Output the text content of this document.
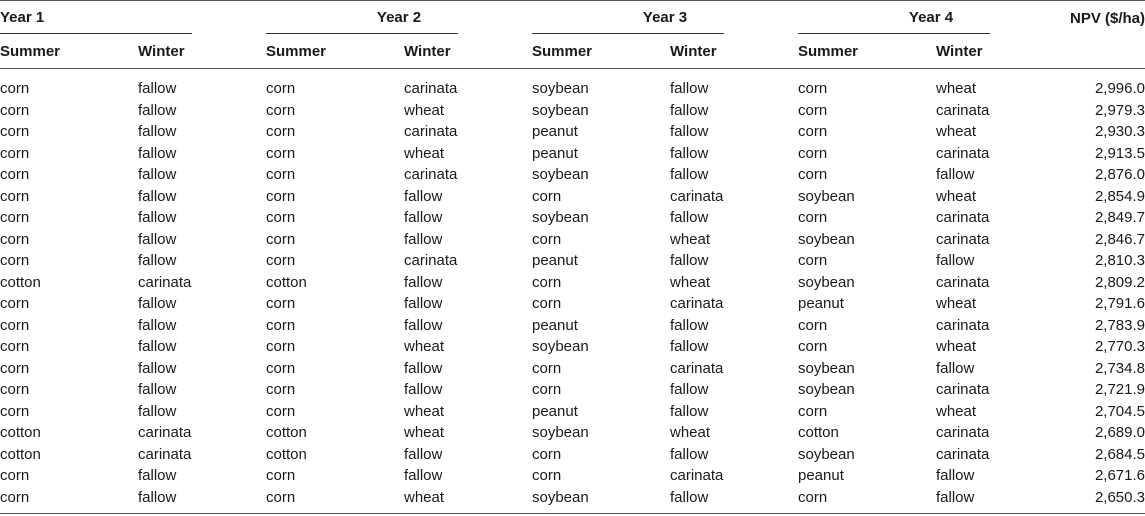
Year 1		Year 2		Year 3		Year 4		NPV ($/ha)
Summer	Winter	Summer	Winter	Summer	Winter	Summer	Winter	
corn	fallow	corn	carinata	soybean	fallow	corn	wheat	2,996.0
corn	fallow	corn	wheat	soybean	fallow	corn	carinata	2,979.3
corn	fallow	corn	carinata	peanut	fallow	corn	wheat	2,930.3
corn	fallow	corn	wheat	peanut	fallow	corn	carinata	2,913.5
corn	fallow	corn	carinata	soybean	fallow	corn	fallow	2,876.0
corn	fallow	corn	fallow	corn	carinata	soybean	wheat	2,854.9
corn	fallow	corn	fallow	soybean	fallow	corn	carinata	2,849.7
corn	fallow	corn	fallow	corn	wheat	soybean	carinata	2,846.7
corn	fallow	corn	carinata	peanut	fallow	corn	fallow	2,810.3
cotton	carinata	cotton	fallow	corn	wheat	soybean	carinata	2,809.2
corn	fallow	corn	fallow	corn	carinata	peanut	wheat	2,791.6
corn	fallow	corn	fallow	peanut	fallow	corn	carinata	2,783.9
corn	fallow	corn	wheat	soybean	fallow	corn	wheat	2,770.3
corn	fallow	corn	fallow	corn	carinata	soybean	fallow	2,734.8
corn	fallow	corn	fallow	corn	fallow	soybean	carinata	2,721.9
corn	fallow	corn	wheat	peanut	fallow	corn	wheat	2,704.5
cotton	carinata	cotton	wheat	soybean	wheat	cotton	carinata	2,689.0
cotton	carinata	cotton	fallow	corn	fallow	soybean	carinata	2,684.5
corn	fallow	corn	fallow	corn	carinata	peanut	fallow	2,671.6
corn	fallow	corn	wheat	soybean	fallow	corn	fallow	2,650.3
